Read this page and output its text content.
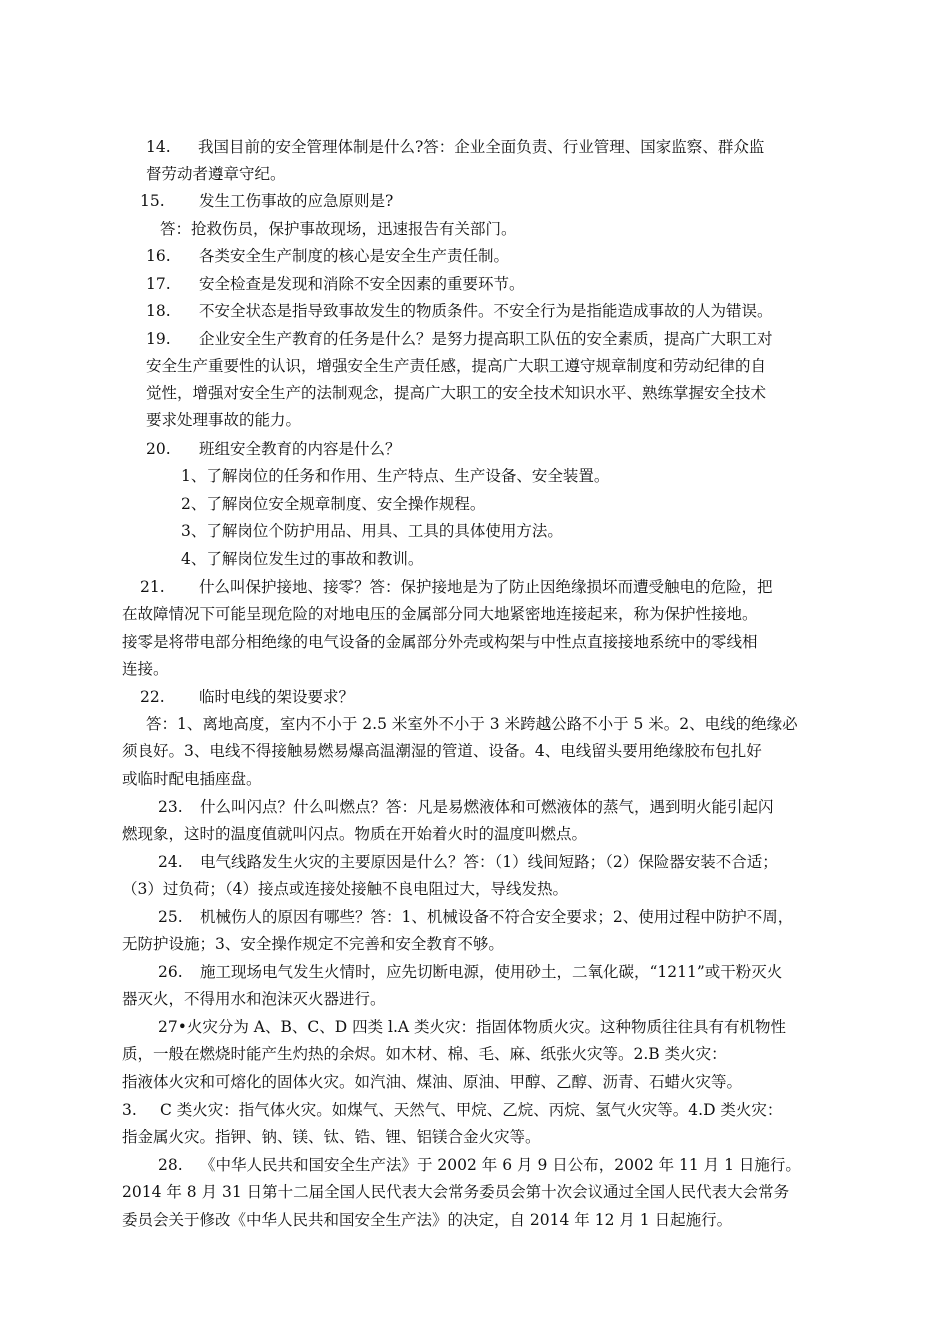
14. 我国目前的安全管理体制是什么?答：企业全面负责、行业管理、国家监察、群众监
督劳动者遵章守纪。
15. 发生工伤事故的应急原则是?
答：抢救伤员，保护事故现场，迅速报告有关部门。
16. 各类安全生产制度的核心是安全生产责任制。
17. 安全检查是发现和消除不安全因素的重要环节。
18. 不安全状态是指导致事故发生的物质条件。不安全行为是指能造成事故的人为错误。
19. 企业安全生产教育的任务是什么？是努力提高职工队伍的安全素质，提高广大职工对
安全生产重要性的认识，增强安全生产责任感，提高广大职工遵守规章制度和劳动纪律的自
觉性，增强对安全生产的法制观念，提高广大职工的安全技术知识水平、熟练掌握安全技术
要求处理事故的能力。
20. 班组安全教育的内容是什么？
1、了解岗位的任务和作用、生产特点、生产设备、安全装置。
2、了解岗位安全规章制度、安全操作规程。
3、了解岗位个防护用品、用具、工具的具体使用方法。
4、了解岗位发生过的事故和教训。
21. 什么叫保护接地、接零？答：保护接地是为了防止因绝缘损坏而遭受触电的危险，把
在故障情况下可能呈现危险的对地电压的金属部分同大地紧密地连接起来，称为保护性接地。
接零是将带电部分相绝缘的电气设备的金属部分外壳或构架与中性点直接接地系统中的零线相
连接。
22. 临时电线的架设要求？
答：1、离地高度，室内不小于 2.5 米室外不小于 3 米跨越公路不小于 5 米。2、电线的绝缘必
须良好。3、电线不得接触易燃易爆高温潮湿的管道、设备。4、电线留头要用绝缘胶布包扎好
或临时配电插座盘。
23. 什么叫闪点？什么叫燃点？答：凡是易燃液体和可燃液体的蒸气，遇到明火能引起闪
燃现象，这时的温度值就叫闪点。物质在开始着火时的温度叫燃点。
24. 电气线路发生火灾的主要原因是什么？答：（1）线间短路；（2）保险器安装不合适；
（3）过负荷；（4）接点或连接处接触不良电阻过大，导线发热。
25. 机械伤人的原因有哪些？答：1、机械设备不符合安全要求；2、使用过程中防护不周，
无防护设施；3、安全操作规定不完善和安全教育不够。
26. 施工现场电气发生火情时，应先切断电源，使用砂土，二氧化碳，“1211”或干粉灭火
器灭火，不得用水和泡沫灭火器进行。
27•火灾分为 A、B、C、D 四类 l.A 类火灾：指固体物质火灾。这种物质往往具有有机物性
质，一般在燃烧时能产生灼热的余烬。如木材、棉、毛、麻、纸张火灾等。2.B 类火灾：
指液体火灾和可熔化的固体火灾。如汽油、煤油、原油、甲醇、乙醇、沥青、石蜡火灾等。
3. C 类火灾：指气体火灾。如煤气、天然气、甲烷、乙烷、丙烷、氢气火灾等。4.D 类火灾：
指金属火灾。指钾、钠、镁、钛、锆、锂、铝镁合金火灾等。
28. 《中华人民共和国安全生产法》于 2002 年 6 月 9 日公布，2002 年 11 月 1 日施行。
2014 年 8 月 31 日第十二届全国人民代表大会常务委员会第十次会议通过全国人民代表大会常务
委员会关于修改《中华人民共和国安全生产法》的决定，自 2014 年 12 月 1 日起施行。
